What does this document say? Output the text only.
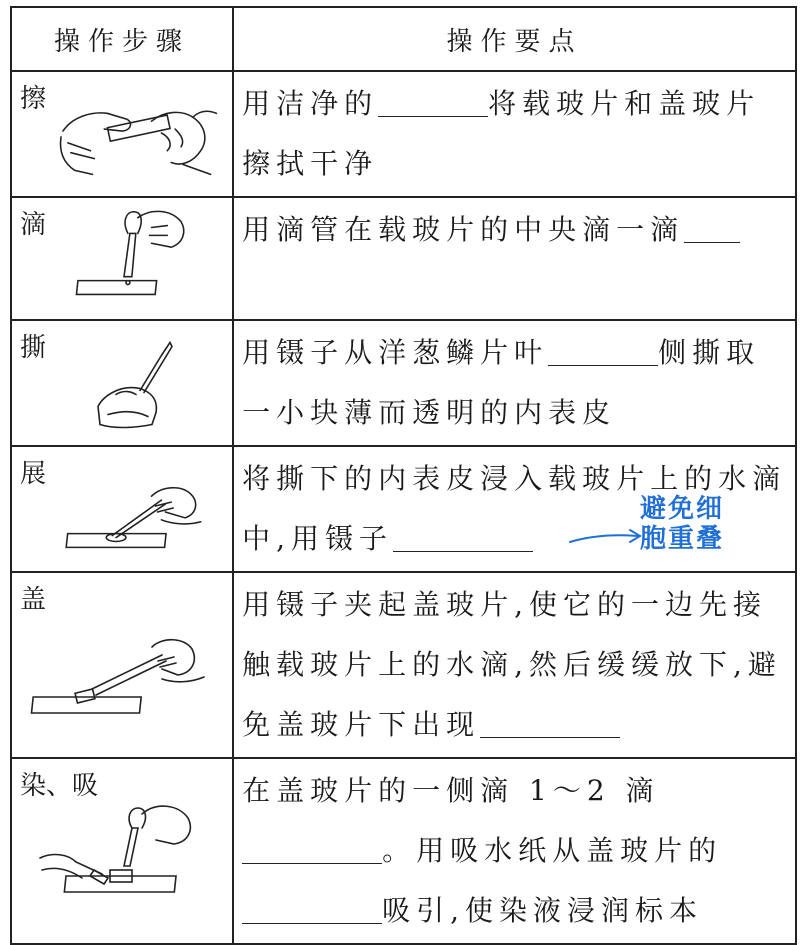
操作步骤	操作要点

擦	用洁净的 将载玻片和盖玻片擦拭干净

滴	用滴管在载玻片的中央滴一滴

撕	用镊子从洋葱鳞片叶 侧撕取一小块薄而透明的内表皮

展	将撕下的内表皮浸入载玻片上的水滴中,用镊子

盖	用镊子夹起盖玻片,使它的一边先接触载玻片上的水滴,然后缓缓放下,避免盖玻片下出现

染、吸	在盖玻片的一侧滴 1～2 滴。用吸水纸从盖玻片的吸引,使染液浸润标本
避免细胞重叠
